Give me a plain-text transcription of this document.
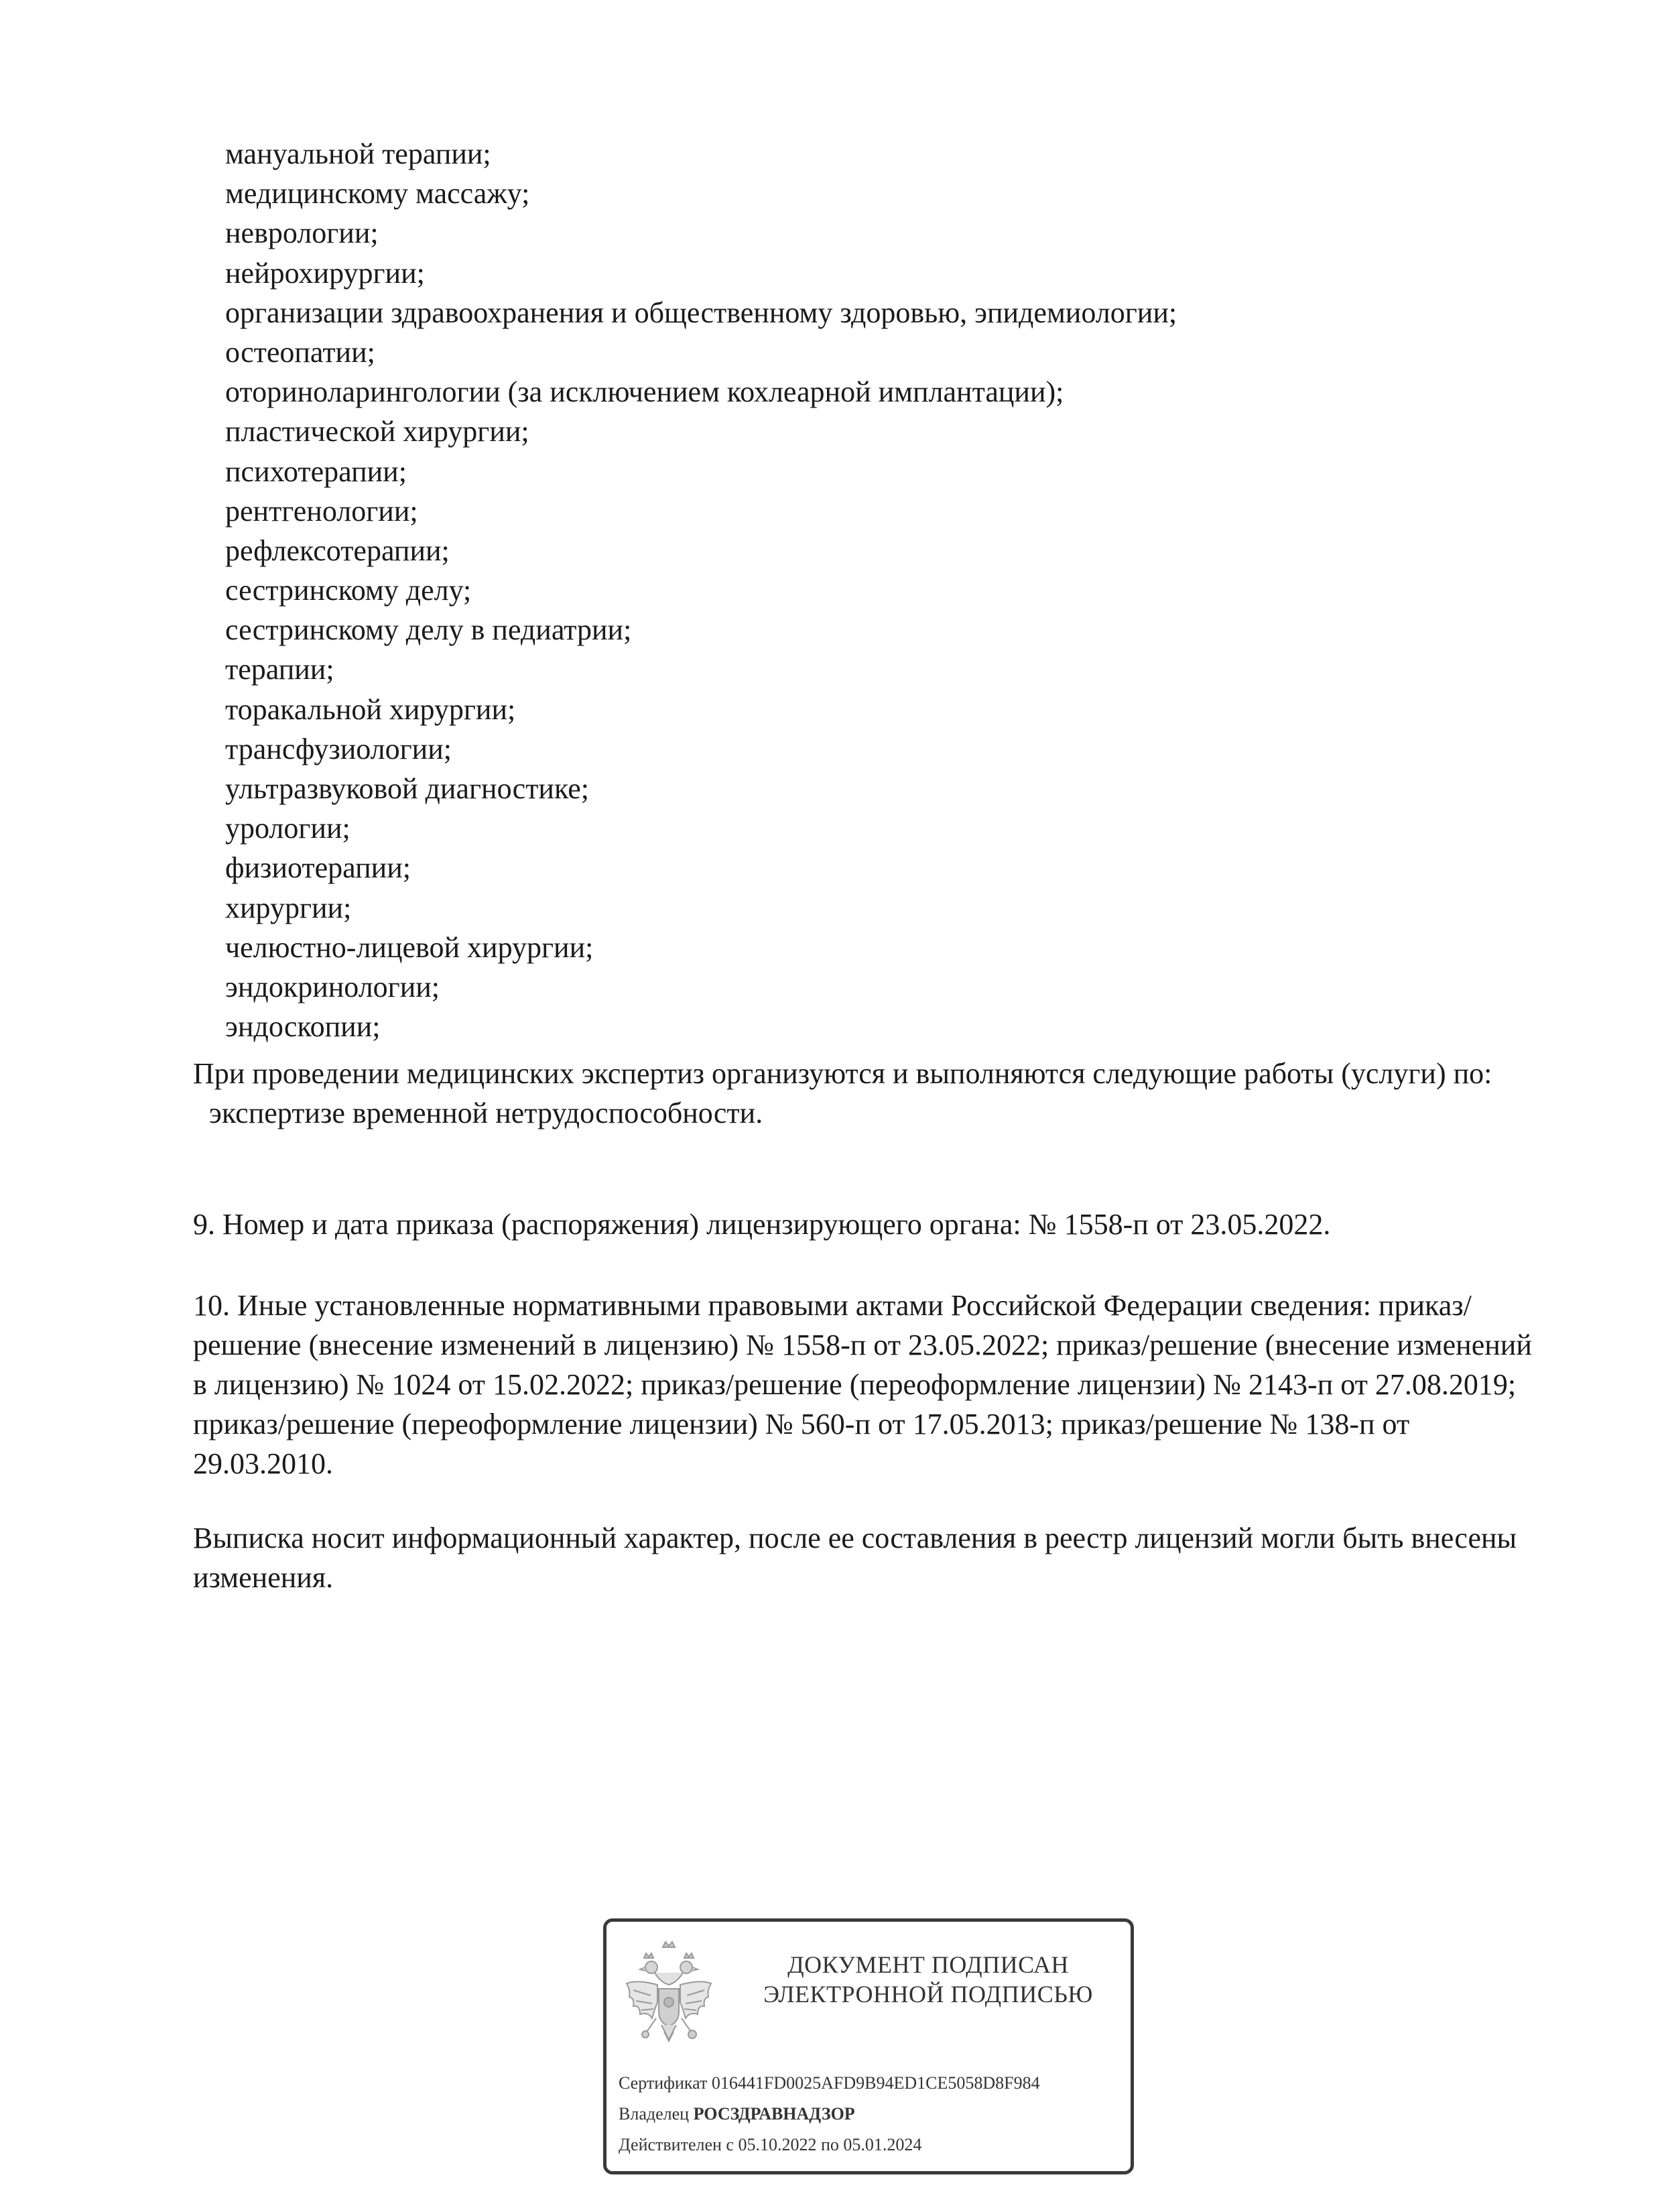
мануальной терапии;
медицинскому массажу;
неврологии;
нейрохирургии;
организации здравоохранения и общественному здоровью, эпидемиологии;
остеопатии;
оториноларингологии (за исключением кохлеарной имплантации);
пластической хирургии;
психотерапии;
рентгенологии;
рефлексотерапии;
сестринскому делу;
сестринскому делу в педиатрии;
терапии;
торакальной хирургии;
трансфузиологии;
ультразвуковой диагностике;
урологии;
физиотерапии;
хирургии;
челюстно-лицевой хирургии;
эндокринологии;
эндоскопии;

При проведении медицинских экспертиз организуются и выполняются следующие работы (услуги) по:

экспертизе временной нетрудоспособности.

9. Номер и дата приказа (распоряжения) лицензирующего органа: № 1558-п от 23.05.2022.

10. Иные установленные нормативными правовыми актами Российской Федерации сведения: приказ/решение (внесение изменений в лицензию) № 1558-п от 23.05.2022; приказ/решение (внесение изменений в лицензию) № 1024 от 15.02.2022; приказ/решение (переоформление лицензии) № 2143-п от 27.08.2019; приказ/решение (переоформление лицензии) № 560-п от 17.05.2013; приказ/решение № 138-п от 29.03.2010.

Выписка носит информационный характер, после ее составления в реестр лицензий могли быть внесены изменения.

ДОКУМЕНТ ПОДПИСАН
ЭЛЕКТРОННОЙ ПОДПИСЬЮ
Сертификат 016441FD0025AFD9B94ED1CE5058D8F984
Владелец РОСЗДРАВНАДЗОР
Действителен с 05.10.2022 по 05.01.2024
